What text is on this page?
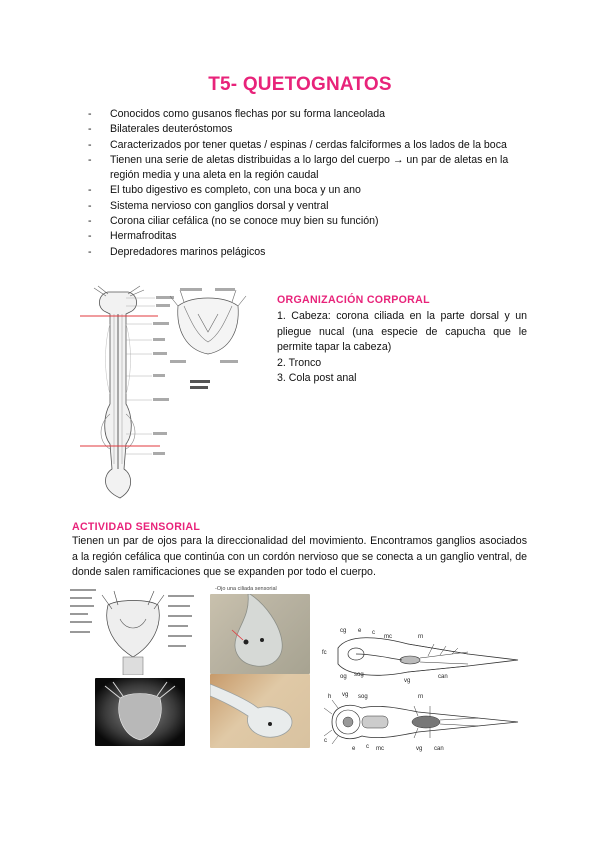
T5- QUETOGNATOS
- Conocidos como gusanos flechas por su forma lanceolada
- Bilaterales deuteróstomos
- Caracterizados por tener quetas / espinas / cerdas falciformes a los lados de la boca
- Tienen una serie de aletas distribuidas a lo largo del cuerpo → un par de aletas en la región media y una aleta en la región caudal
- El tubo digestivo es completo, con una boca y un ano
- Sistema nervioso con ganglios dorsal y ventral
- Corona ciliar cefálica (no se conoce muy bien su función)
- Hermafroditas
- Depredadores marinos pelágicos
ORGANIZACIÓN CORPORAL
1. Cabeza: corona ciliada en la parte dorsal y un pliegue nucal (una especie de capucha que le permite tapar la cabeza)
2. Tronco
3. Cola post anal
ACTIVIDAD SENSORIAL
Tienen un par de ojos para la direccionalidad del movimiento. Encontramos ganglios asociados a la región cefálica que continúa con un cordón nervioso que se conecta a un ganglio ventral, de donde salen ramificaciones que se expanden por todo el cuerpo.
-Ojo una ciliada sensorial
cg e c
mc	rn
fc
og sog
vg
can
h vg sog	rn
c
e c mc	vg can
